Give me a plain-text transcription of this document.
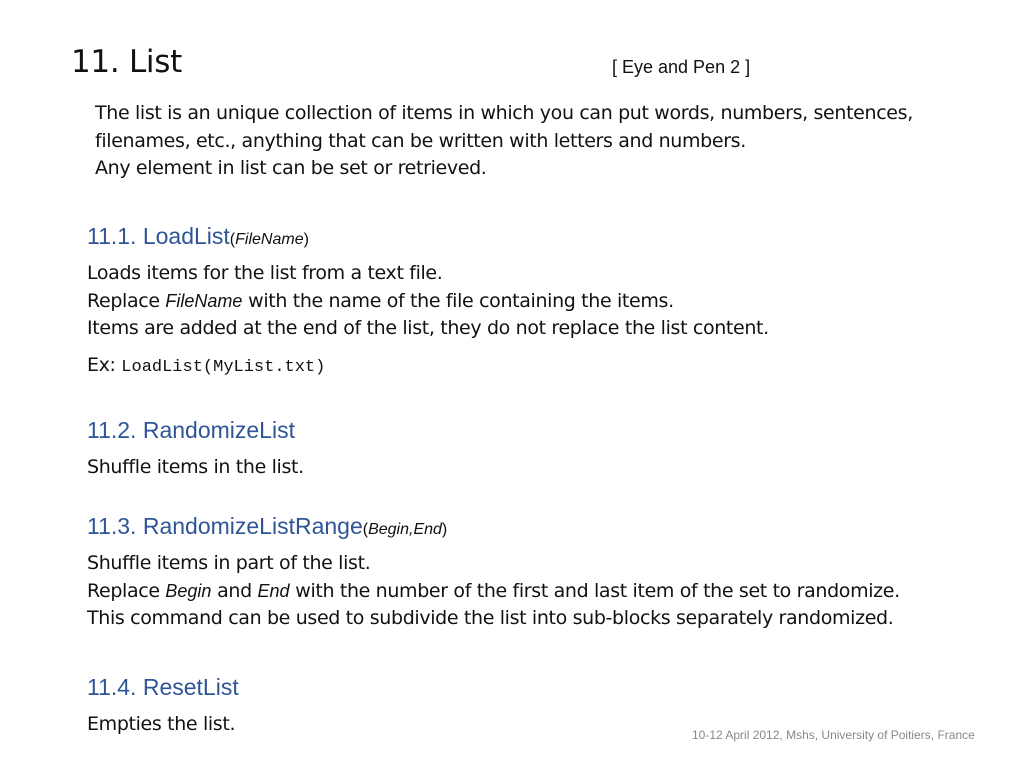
11. List	[ Eye and Pen 2 ]
The list is an unique collection of items in which you can put words, numbers, sentences,
filenames, etc., anything that can be written with letters and numbers.
Any element in list can be set or retrieved.
11.1. LoadList(FileName)
Loads items for the list from a text file.
Replace FileName with the name of the file containing the items.
Items are added at the end of the list, they do not replace the list content.
Ex: LoadList(MyList.txt)
11.2. RandomizeList
Shuffle items in the list.
11.3. RandomizeListRange(Begin,End)
Shuffle items in part of the list.
Replace Begin and End with the number of the first and last item of the set to randomize.
This command can be used to subdivide the list into sub-blocks separately randomized.
11.4. ResetList
Empties the list.	10-12 April 2012, Mshs, University of Poitiers, France
